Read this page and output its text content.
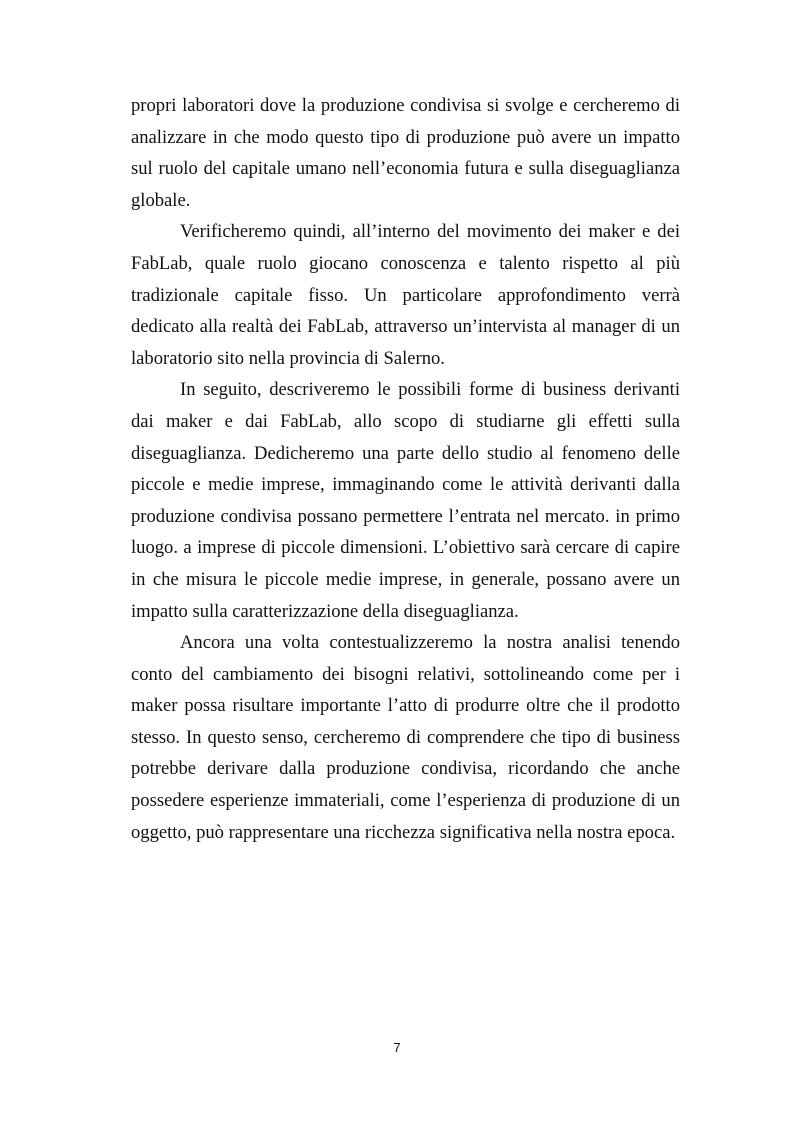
propri laboratori dove la produzione condivisa si svolge e cercheremo di
analizzare in che modo questo tipo di produzione può avere un impatto
sul ruolo del capitale umano nell’economia futura e sulla diseguaglianza
globale.
Verificheremo quindi, all’interno del movimento dei maker e dei
FabLab, quale ruolo giocano conoscenza e talento rispetto al più
tradizionale capitale fisso. Un particolare approfondimento verrà
dedicato alla realtà dei FabLab, attraverso un’intervista al manager di un
laboratorio sito nella provincia di Salerno.
In seguito, descriveremo le possibili forme di business derivanti
dai maker e dai FabLab, allo scopo di studiarne gli effetti sulla
diseguaglianza. Dedicheremo una parte dello studio al fenomeno delle
piccole e medie imprese, immaginando come le attività derivanti dalla
produzione condivisa possano permettere l’entrata nel mercato. in primo
luogo. a imprese di piccole dimensioni. L’obiettivo sarà cercare di capire
in che misura le piccole medie imprese, in generale, possano avere un
impatto sulla caratterizzazione della diseguaglianza.
Ancora una volta contestualizzeremo la nostra analisi tenendo
conto del cambiamento dei bisogni relativi, sottolineando come per i
maker possa risultare importante l’atto di produrre oltre che il prodotto
stesso. In questo senso, cercheremo di comprendere che tipo di business
potrebbe derivare dalla produzione condivisa, ricordando che anche
possedere esperienze immateriali, come l’esperienza di produzione di un
oggetto, può rappresentare una ricchezza significativa nella nostra epoca.
7
